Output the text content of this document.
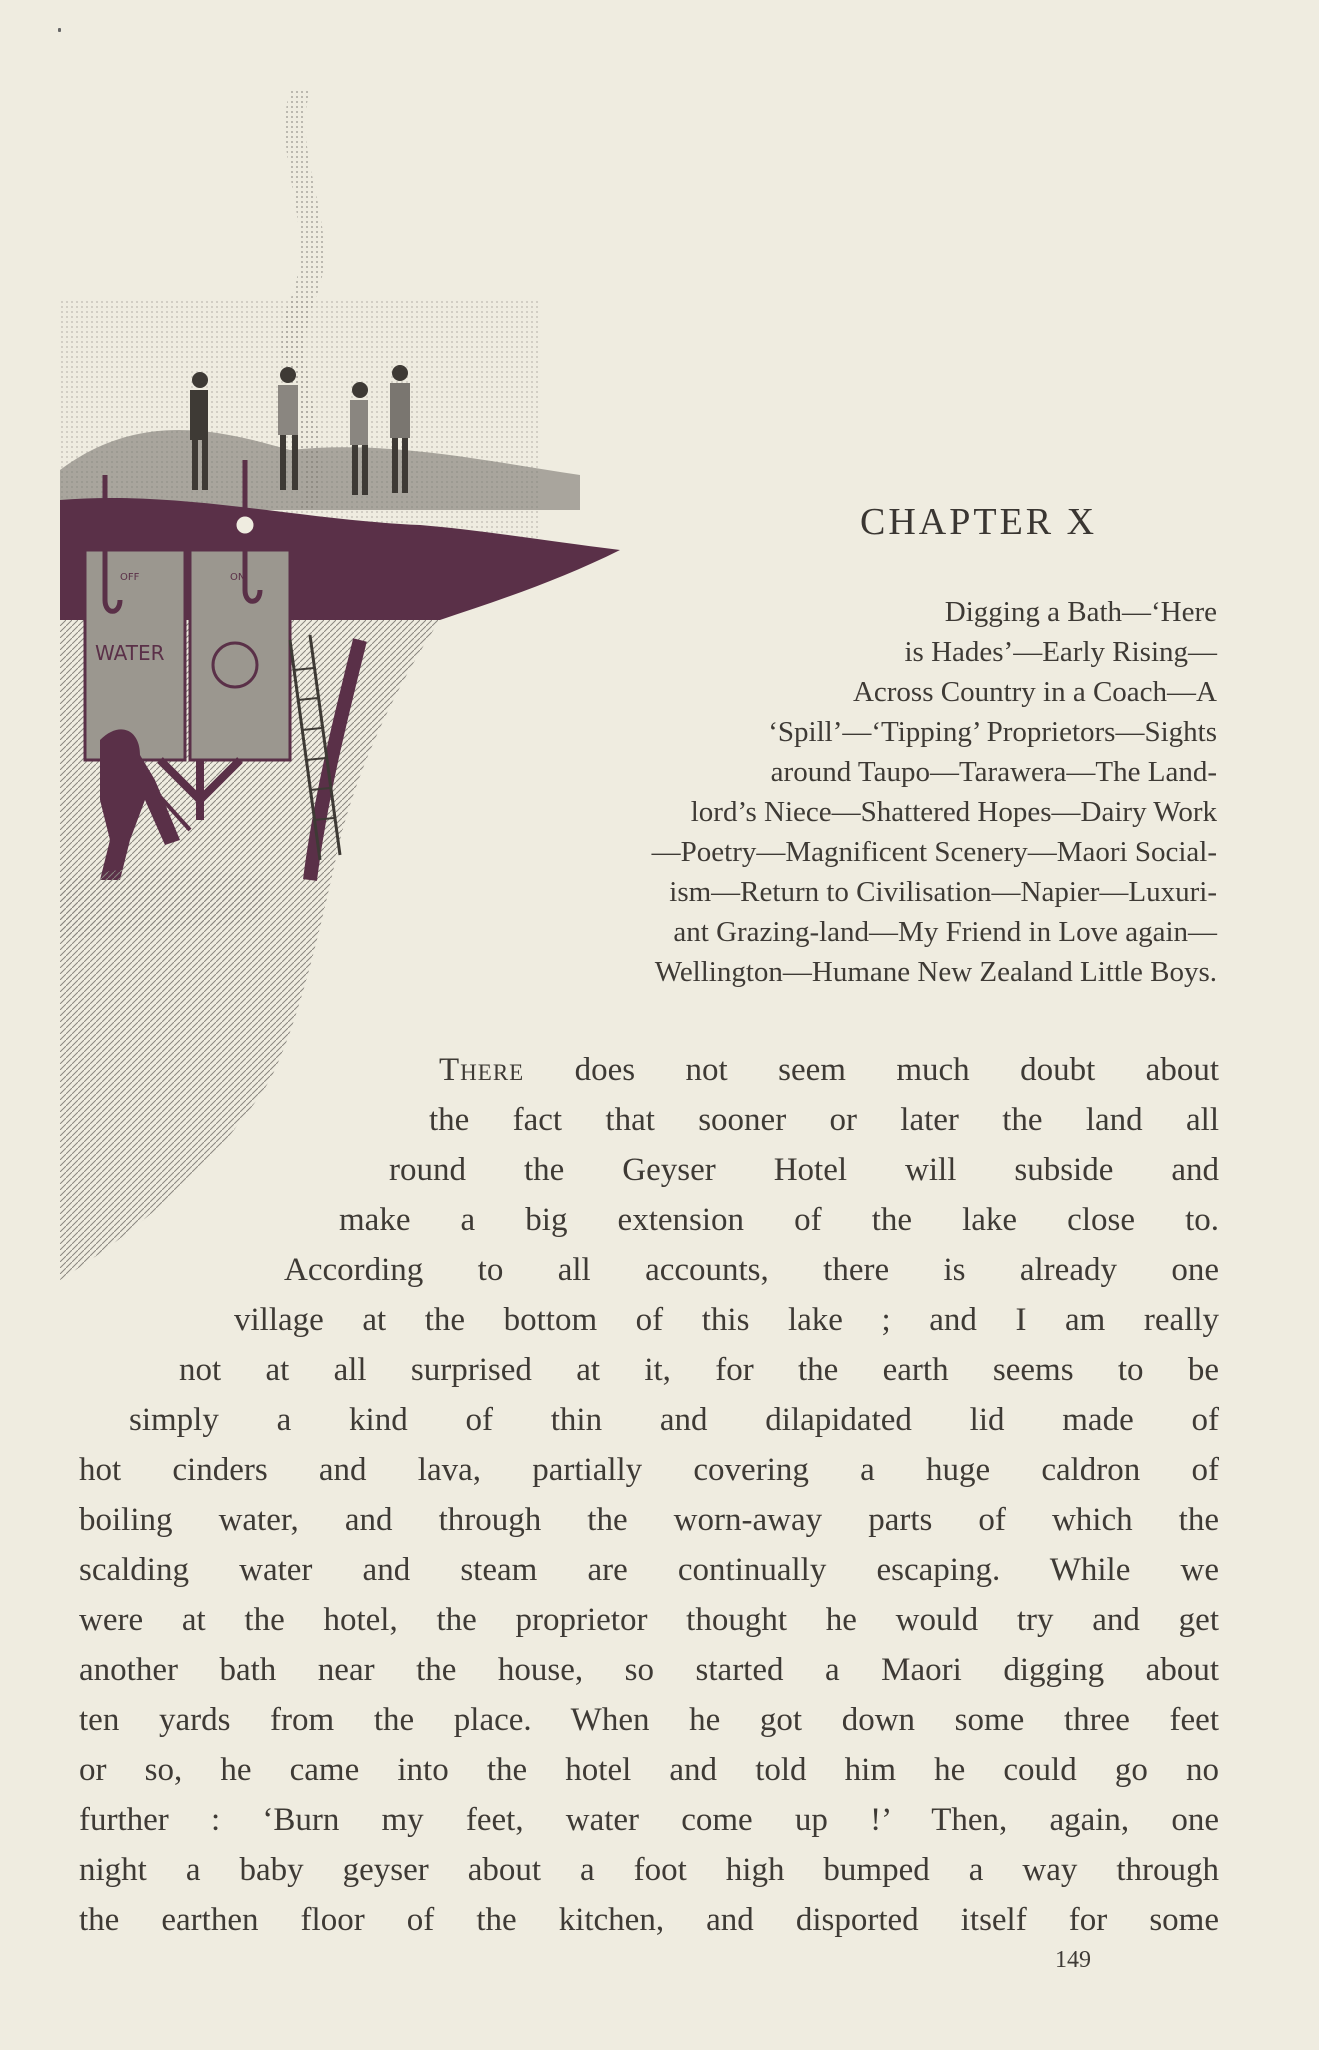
WATER
OFF	ON
CHAPTER X

Digging a Bath—‘Here

is Hades’—Early Rising—

Across Country in a Coach—A

‘Spill’—‘Tipping’ Proprietors—Sights

around Taupo—Tarawera—The Land-

lord’s Niece—Shattered Hopes—Dairy Work

—Poetry—Magnificent Scenery—Maori Social-

ism—Return to Civilisation—Napier—Luxuri-

ant Grazing-land—My Friend in Love again—

Wellington—Humane New Zealand Little Boys.

There does not seem much doubt about

the fact that sooner or later the land all

round the Geyser Hotel will subside and

make a big extension of the lake close to.

According to all accounts, there is already one

village at the bottom of this lake ; and I am really

not at all surprised at it, for the earth seems to be

simply a kind of thin and dilapidated lid made of

hot cinders and lava, partially covering a huge caldron of

boiling water, and through the worn-away parts of which the

scalding water and steam are continually escaping. While we

were at the hotel, the proprietor thought he would try and get

another bath near the house, so started a Maori digging about

ten yards from the place. When he got down some three feet

or so, he came into the hotel and told him he could go no

further : ‘Burn my feet, water come up !’ Then, again, one

night a baby geyser about a foot high bumped a way through

the earthen floor of the kitchen, and disported itself for some

149
